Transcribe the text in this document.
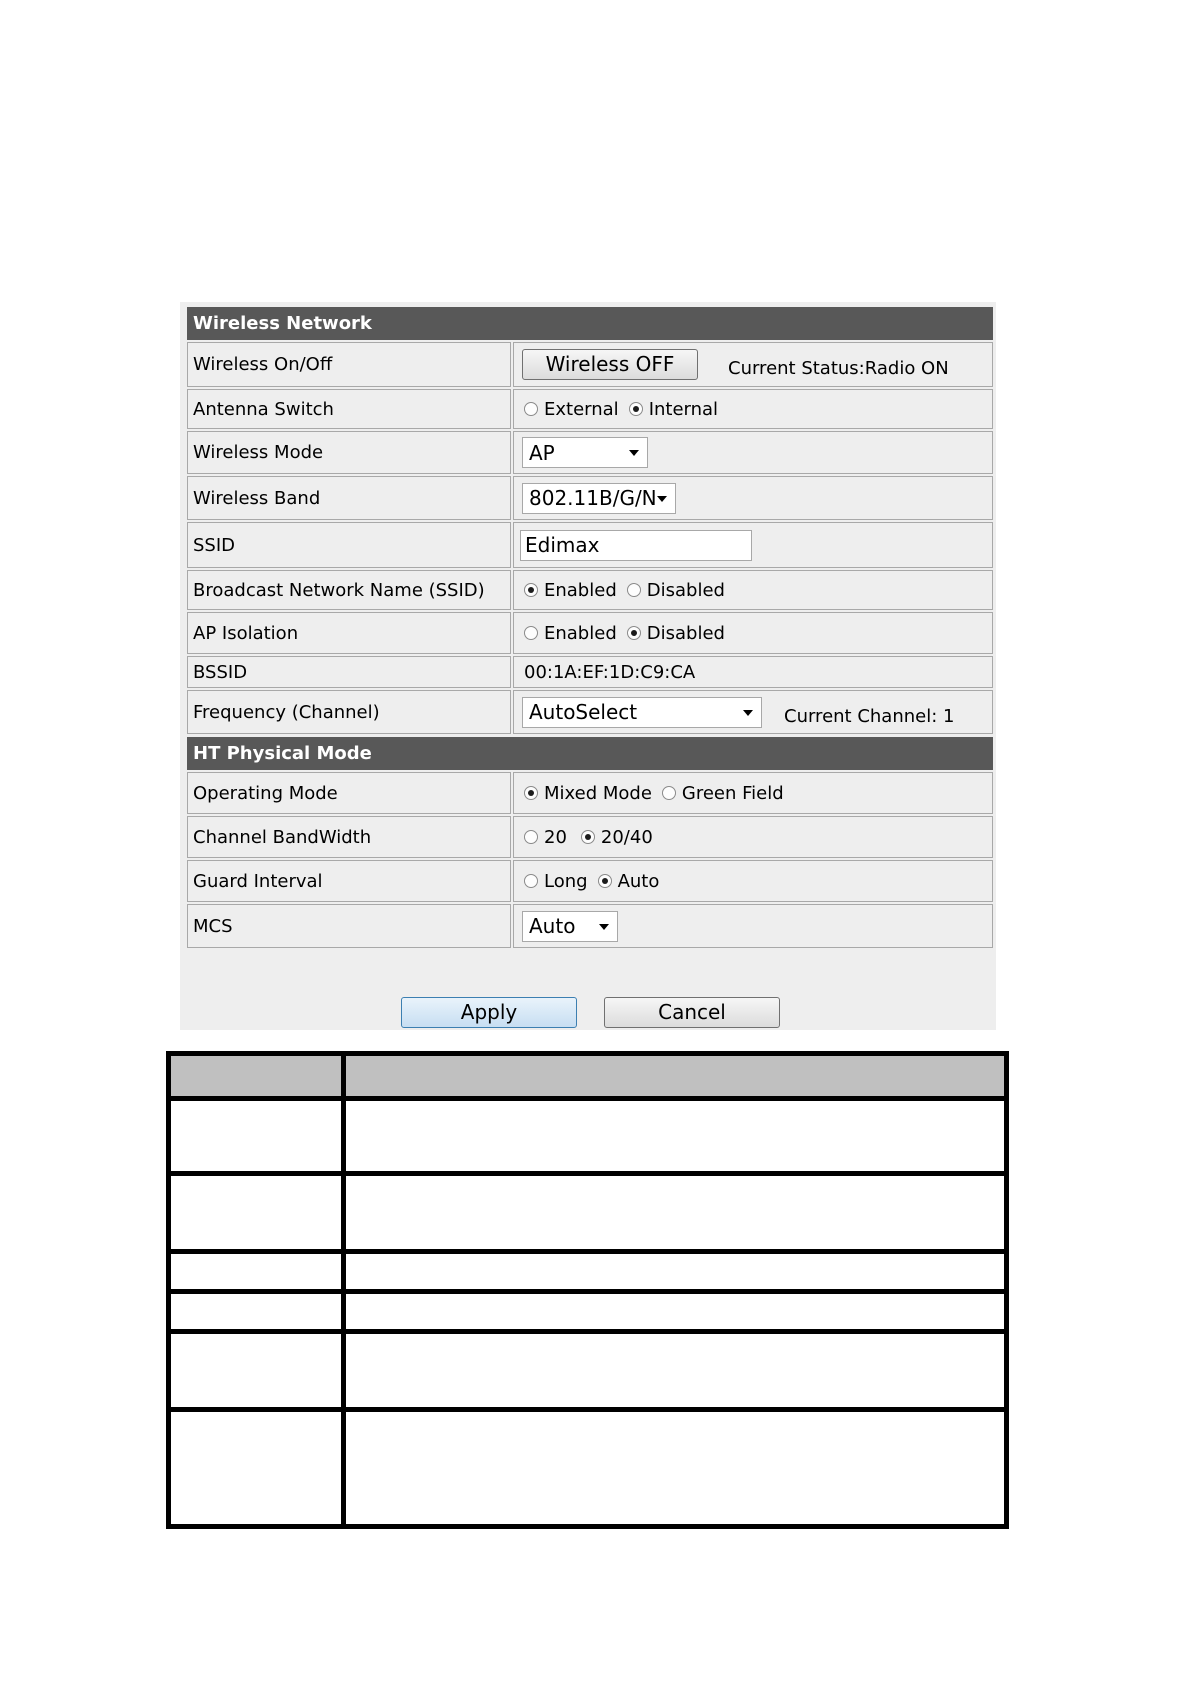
Wireless Network
Wireless On/Off	Wireless OFF	Current Status:Radio ON
Antenna Switch	External Internal
Wireless Mode	AP
Wireless Band	802.11B/G/N
SSID	Edimax
Broadcast Network Name (SSID)	Enabled Disabled
AP Isolation	Enabled Disabled
BSSID	00:1A:EF:1D:C9:CA
Frequency (Channel)	AutoSelect	Current Channel: 1
HT Physical Mode
Operating Mode	Mixed Mode Green Field
Channel BandWidth	20 20/40
Guard Interval	Long Auto
MCS	Auto
Apply	Cancel
